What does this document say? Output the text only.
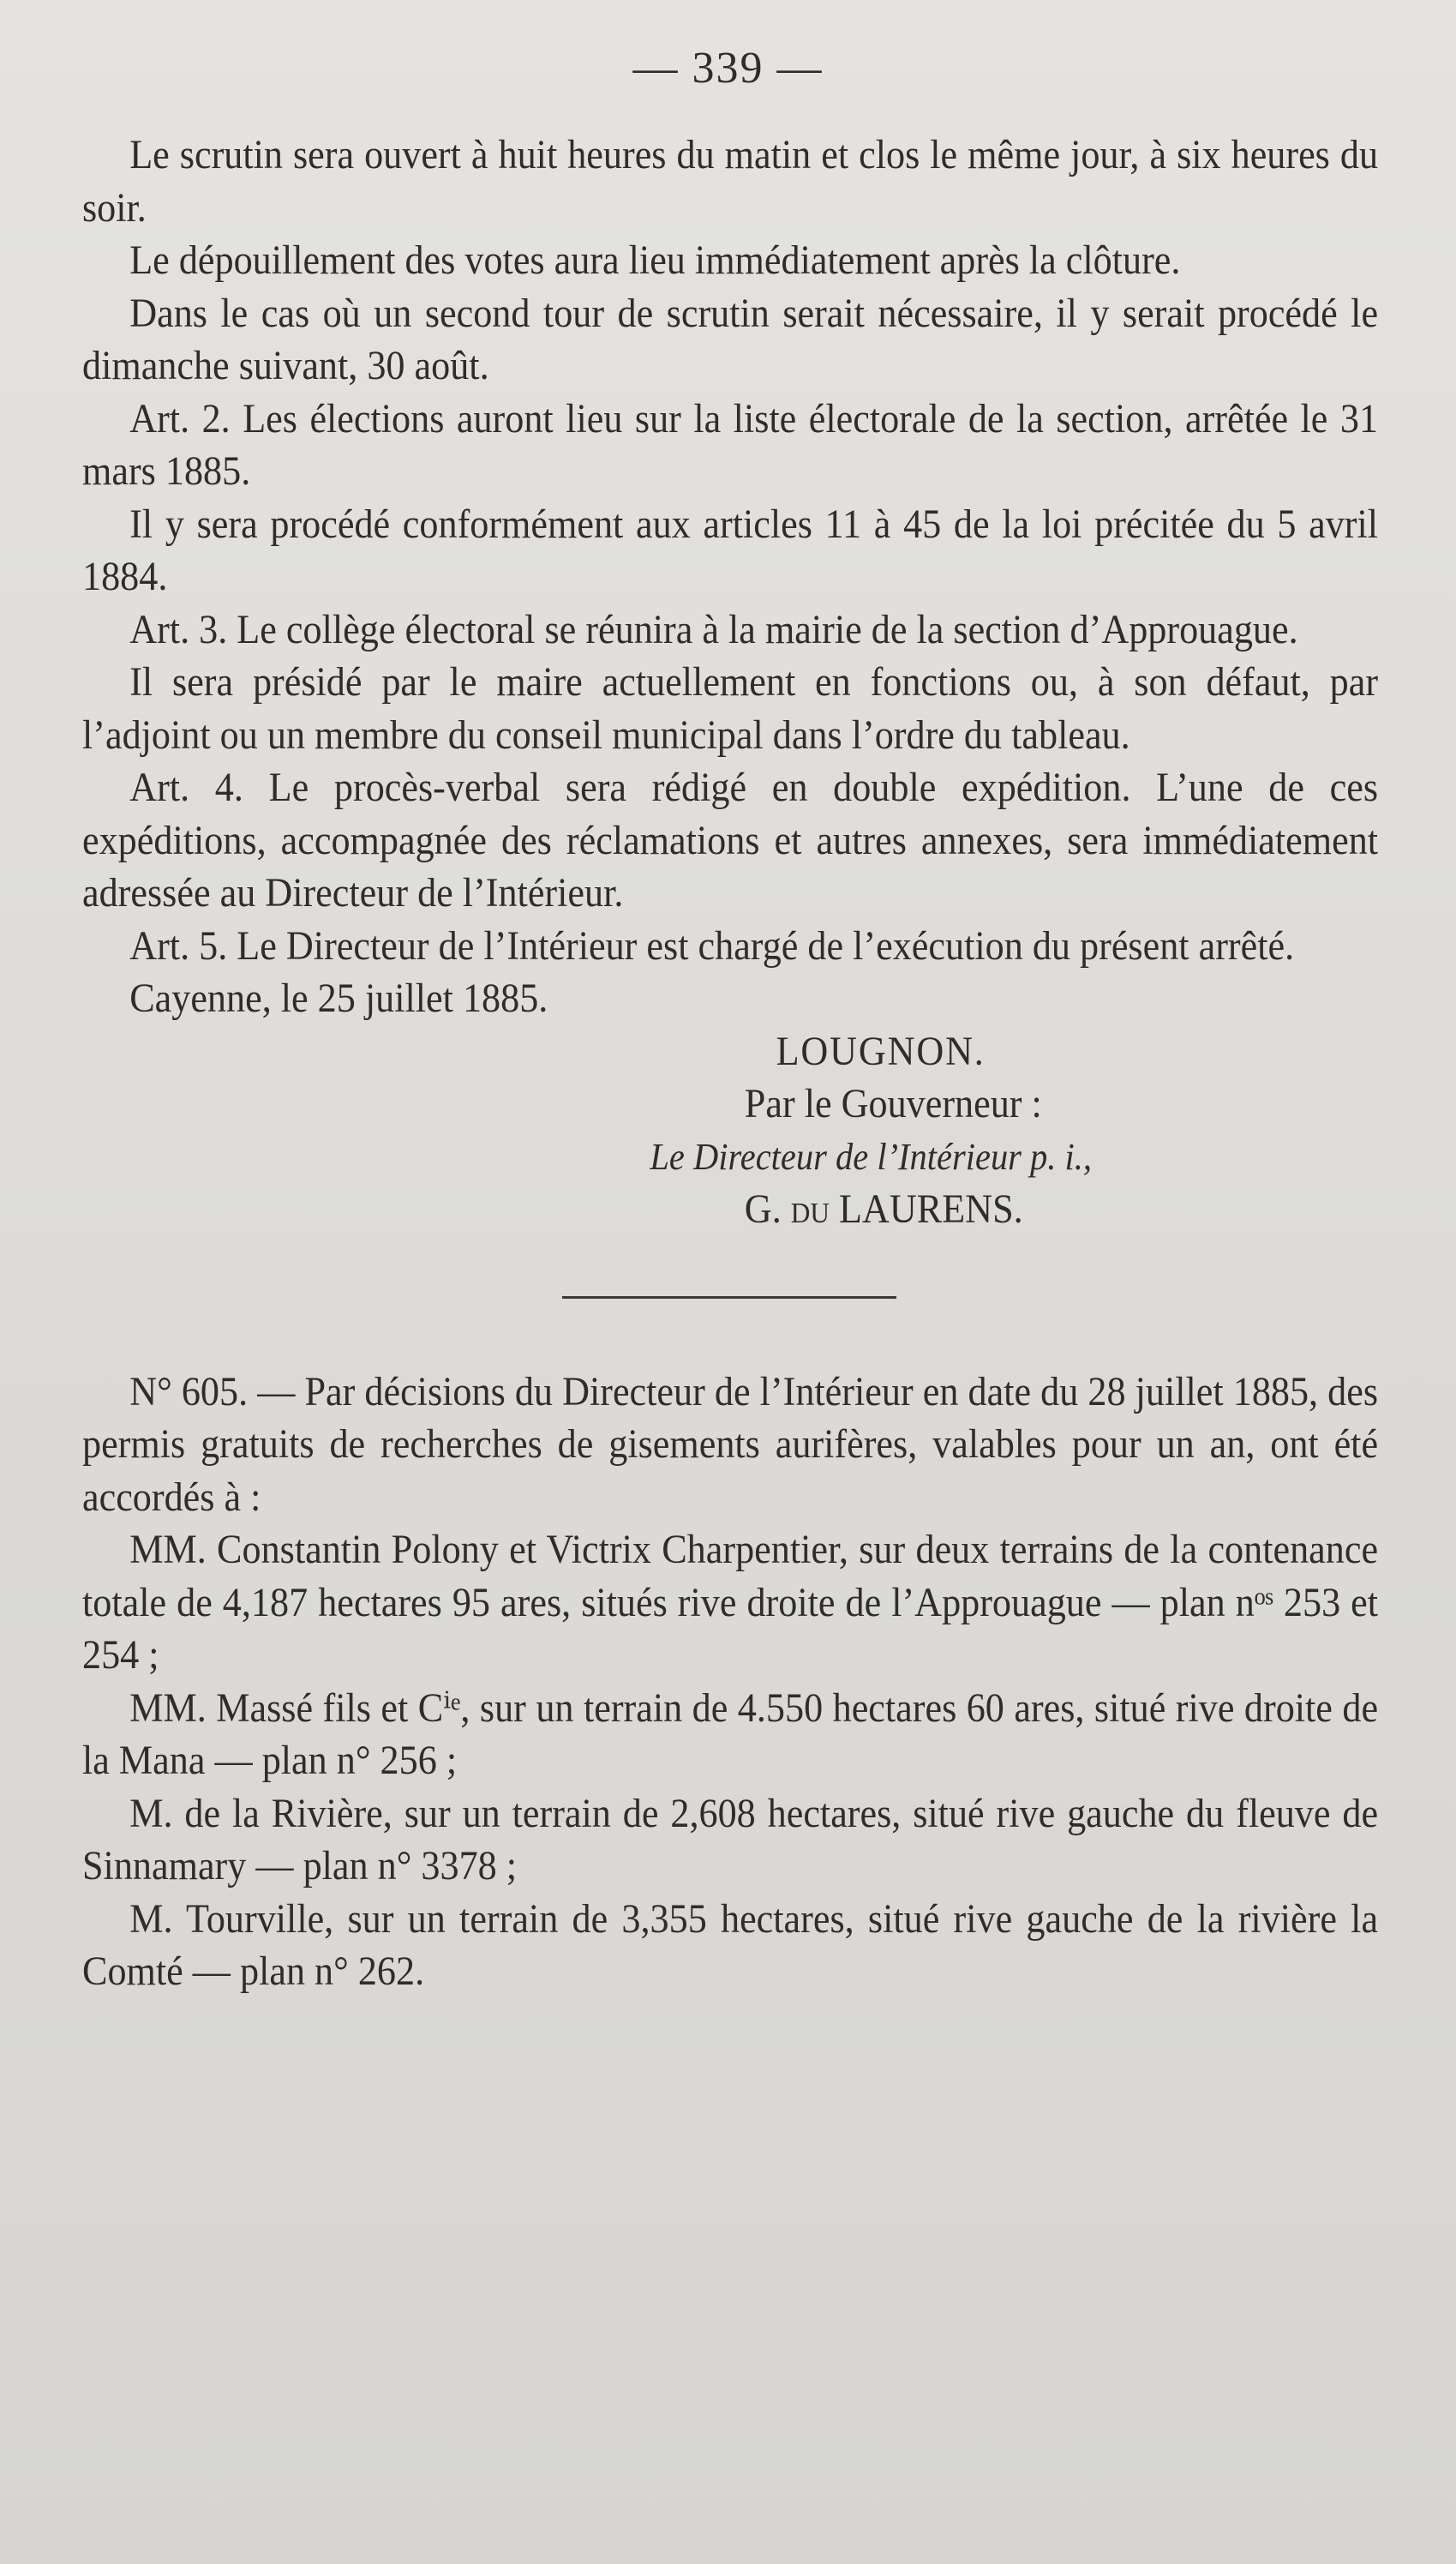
— 339 —

Le scrutin sera ouvert à huit heures du matin et clos le même jour, à six heures du soir.

Le dépouillement des votes aura lieu immédiatement après la clôture.

Dans le cas où un second tour de scrutin serait nécessaire, il y serait procédé le dimanche suivant, 30 août.

Art. 2. Les élections auront lieu sur la liste électorale de la section, arrêtée le 31 mars 1885.

Il y sera procédé conformément aux articles 11 à 45 de la loi précitée du 5 avril 1884.

Art. 3. Le collège électoral se réunira à la mairie de la section d’Approuague.

Il sera présidé par le maire actuellement en fonctions ou, à son défaut, par l’adjoint ou un membre du conseil municipal dans l’ordre du tableau.

Art. 4. Le procès-verbal sera rédigé en double expédition. L’une de ces expéditions, accompagnée des réclamations et autres annexes, sera immédiatement adressée au Directeur de l’Intérieur.

Art. 5. Le Directeur de l’Intérieur est chargé de l’exécution du présent arrêté.

Cayenne, le 25 juillet 1885.

LOUGNON.

Par le Gouverneur :

Le Directeur de l’Intérieur p. i.,

G. du LAURENS.

N° 605. — Par décisions du Directeur de l’Intérieur en date du 28 juillet 1885, des permis gratuits de recherches de gisements aurifères, valables pour un an, ont été accordés à :

MM. Constantin Polony et Victrix Charpentier, sur deux terrains de la contenance totale de 4,187 hectares 95 ares, situés rive droite de l’Approuague — plan nᵒˢ 253 et 254 ;

MM. Massé fils et Cⁱᵉ, sur un terrain de 4.550 hectares 60 ares, situé rive droite de la Mana — plan n° 256 ;

M. de la Rivière, sur un terrain de 2,608 hectares, situé rive gauche du fleuve de Sinnamary — plan n° 3378 ;

M. Tourville, sur un terrain de 3,355 hectares, situé rive gauche de la rivière la Comté — plan n° 262.
